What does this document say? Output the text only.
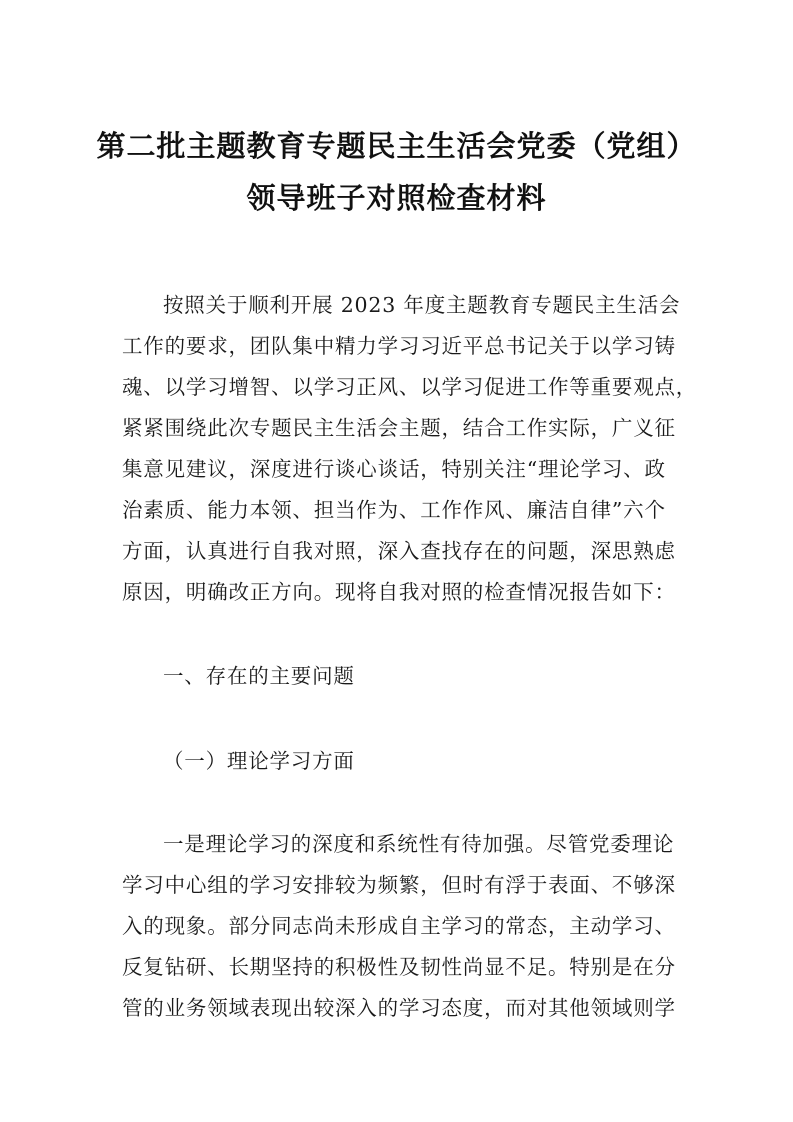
第二批主题教育专题民主生活会党委（党组）
领导班子对照检查材料
按照关于顺利开展 2023 年度主题教育专题民主生活会
工作的要求，团队集中精力学习习近平总书记关于以学习铸
魂、以学习增智、以学习正风、以学习促进工作等重要观点，
紧紧围绕此次专题民主生活会主题，结合工作实际，广义征
集意见建议，深度进行谈心谈话，特别关注“理论学习、政
治素质、能力本领、担当作为、工作作风、廉洁自律”六个
方面，认真进行自我对照，深入查找存在的问题，深思熟虑
原因，明确改正方向。现将自我对照的检查情况报告如下：
一、存在的主要问题
（一）理论学习方面
一是理论学习的深度和系统性有待加强。尽管党委理论
学习中心组的学习安排较为频繁，但时有浮于表面、不够深
入的现象。部分同志尚未形成自主学习的常态，主动学习、
反复钻研、长期坚持的积极性及韧性尚显不足。特别是在分
管的业务领域表现出较深入的学习态度，而对其他领域则学
